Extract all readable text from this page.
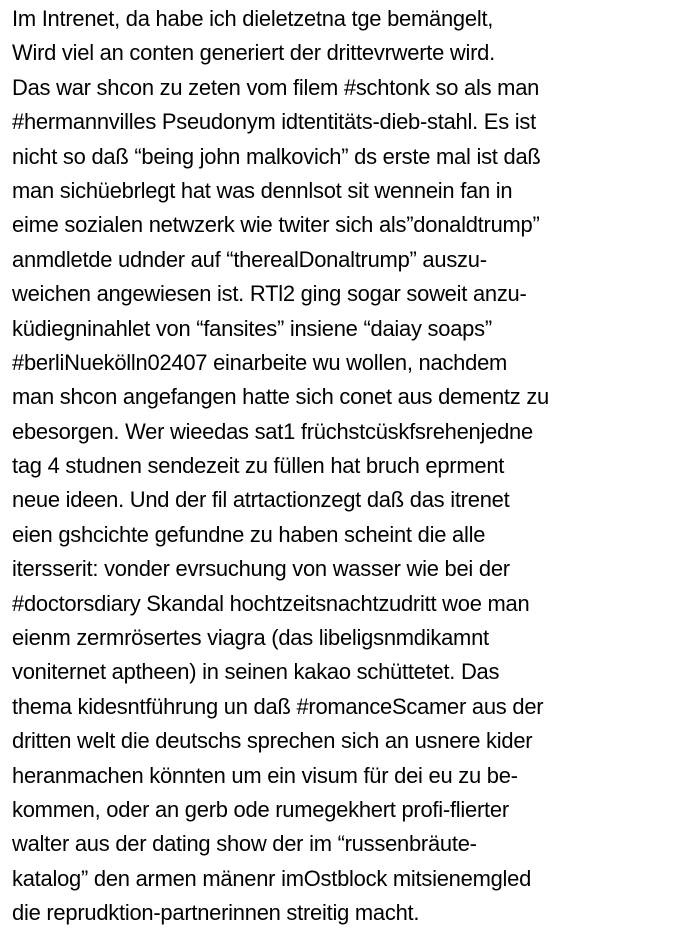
Im Intrenet, da habe ich dieletzetna tge bemängelt,
Wird viel an conten generiert der drittevrwerte wird.
Das war shcon zu zeten vom filem #schtonk so als man
#hermannvilles Pseudonym idtentitäts-dieb-stahl. Es ist
nicht so daß “being john malkovich” ds erste mal ist daß
man sichüebrlegt hat was dennlsot sit wennein fan in
eime sozialen netwzerk wie twiter sich als”donaldtrump”
anmdletde udnder auf “therealDonaltrump” auszu-
weichen angewiesen ist. RTl2 ging sogar soweit anzu-
küdiegninahlet von “fansites” insiene “daiay soaps”
#berliNuekölln02407 einarbeite wu wollen, nachdem
man shcon angefangen hatte sich conet aus dementz zu
ebesorgen. Wer wieedas sat1 früchstcüskfsrehenjedne
tag 4 studnen sendezeit zu füllen hat bruch eprment
neue ideen. Und der fil atrtactionzegt daß das itrenet
eien gshcichte gefundne zu haben scheint die alle
itersserit: vonder evrsuchung von wasser wie bei der
#doctorsdiary Skandal hochtzeitsnachtzudritt woe man
eienm zermrösertes viagra (das libeligsnmdikamnt
voniternet aptheen) in seinen kakao schüttetet. Das
thema kidesntführung un daß #romanceScamer aus der
dritten welt die deutschs sprechen sich an usnere kider
heranmachen könnten um ein visum für dei eu zu be-
kommen, oder an gerb ode rumegekhert profi-flierter
walter aus der dating show der im “russenbräute-
katalog” den armen mänenr imOstblock mitsienemgled
die reprudktion-partnerinnen streitig macht.
